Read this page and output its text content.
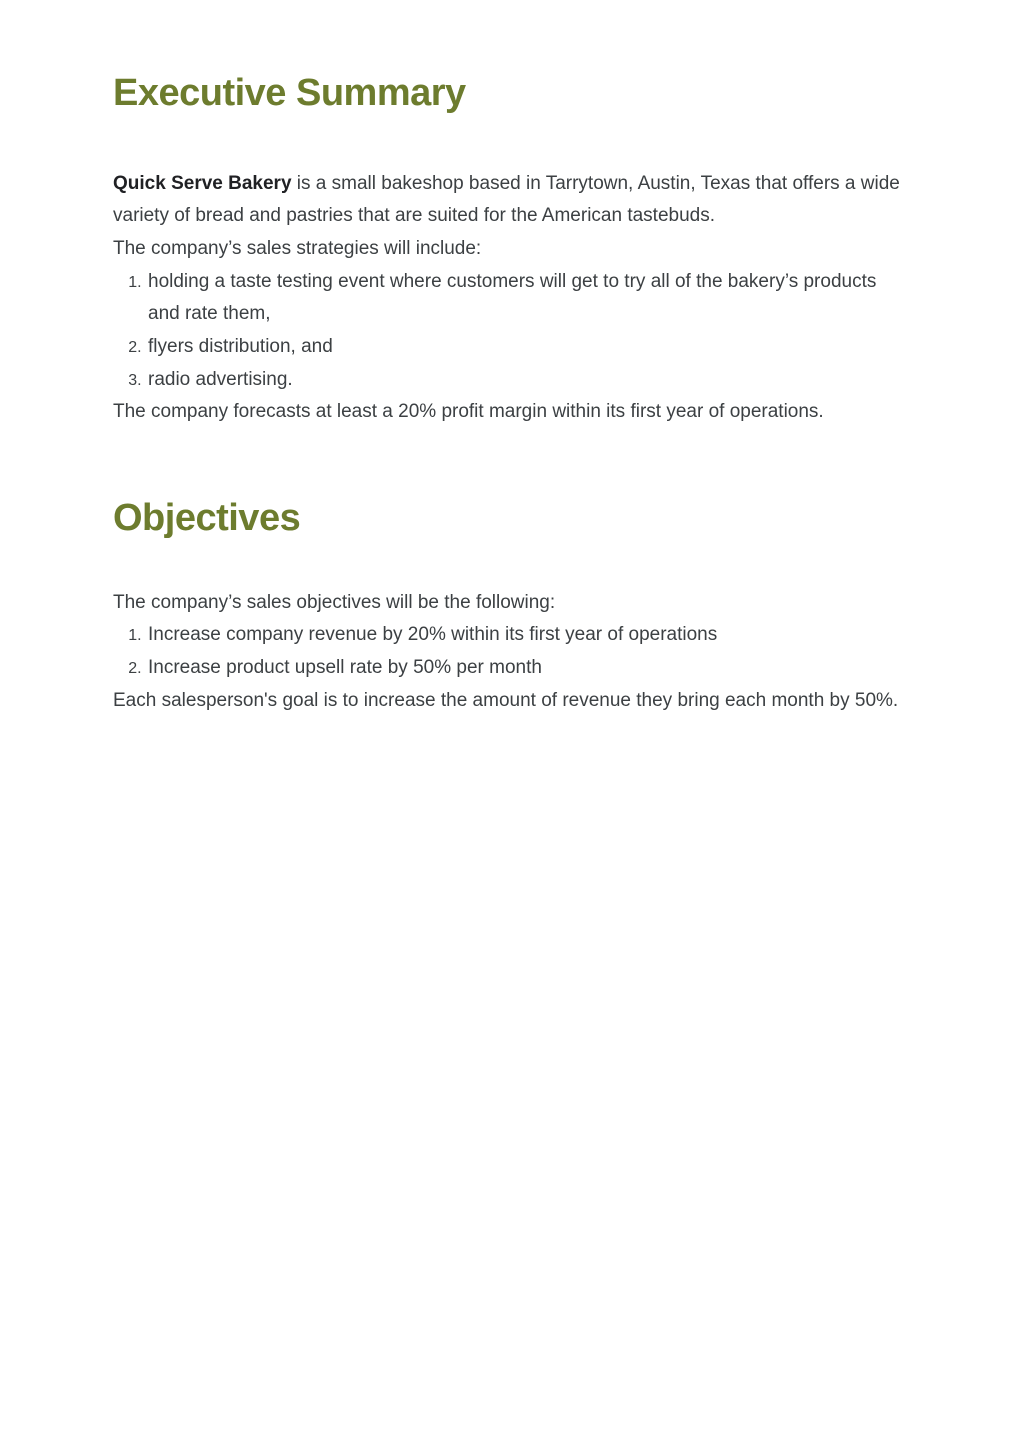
Executive Summary

Quick Serve Bakery is a small bakeshop based in Tarrytown, Austin, Texas that offers a wide variety of bread and pastries that are suited for the American tastebuds.

The company’s sales strategies will include:

1. holding a taste testing event where customers will get to try all of the bakery’s products and rate them,
2. flyers distribution, and
3. radio advertising.

The company forecasts at least a 20% profit margin within its first year of operations.

Objectives

The company’s sales objectives will be the following:

1. Increase company revenue by 20% within its first year of operations
2. Increase product upsell rate by 50% per month

Each salesperson's goal is to increase the amount of revenue they bring each month by 50%.
